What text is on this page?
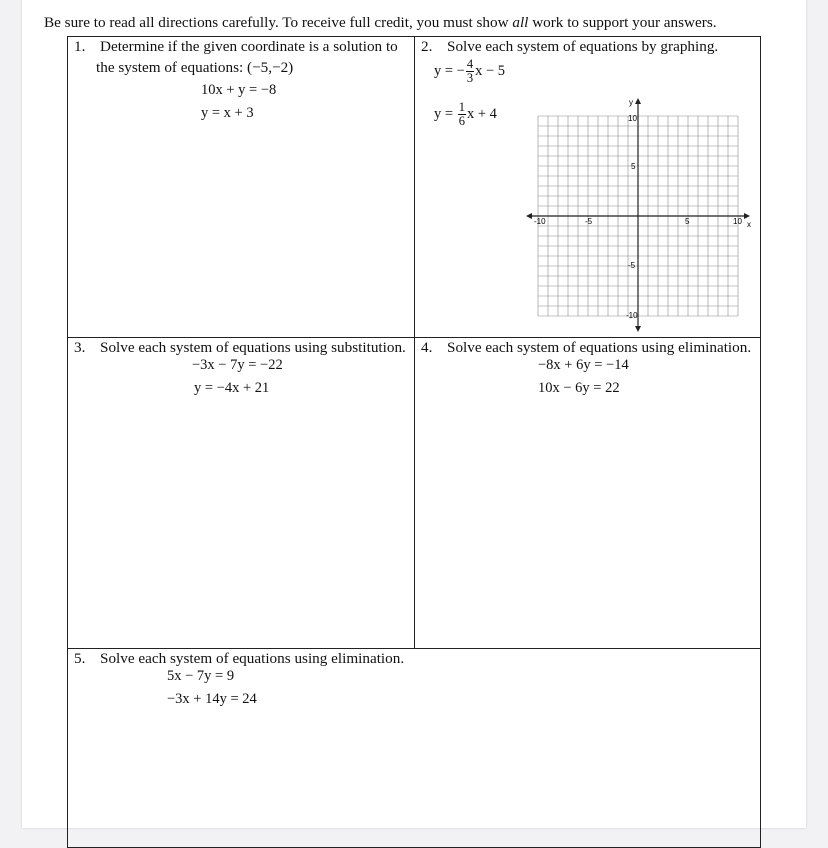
Be sure to read all directions carefully. To receive full credit, you must show all work to support your answers.
1. Determine if the given coordinate is a solution to
the system of equations: (−5,−2)
10x + y = −8
y = x + 3
2. Solve each system of equations by graphing.
y = − $\frac{4}{3}$ x − 5
$y = \frac{1}{6}$ x + 4
y
x
-10	-5	5	10
10
5
-5
-10
3. Solve each system of equations using substitution.
−3x − 7y = −22
y = −4x + 21
4. Solve each system of equations using elimination.
−8x + 6y = −14
10x − 6y = 22
5. Solve each system of equations using elimination.
5x − 7y = 9
−3x + 14y = 24
